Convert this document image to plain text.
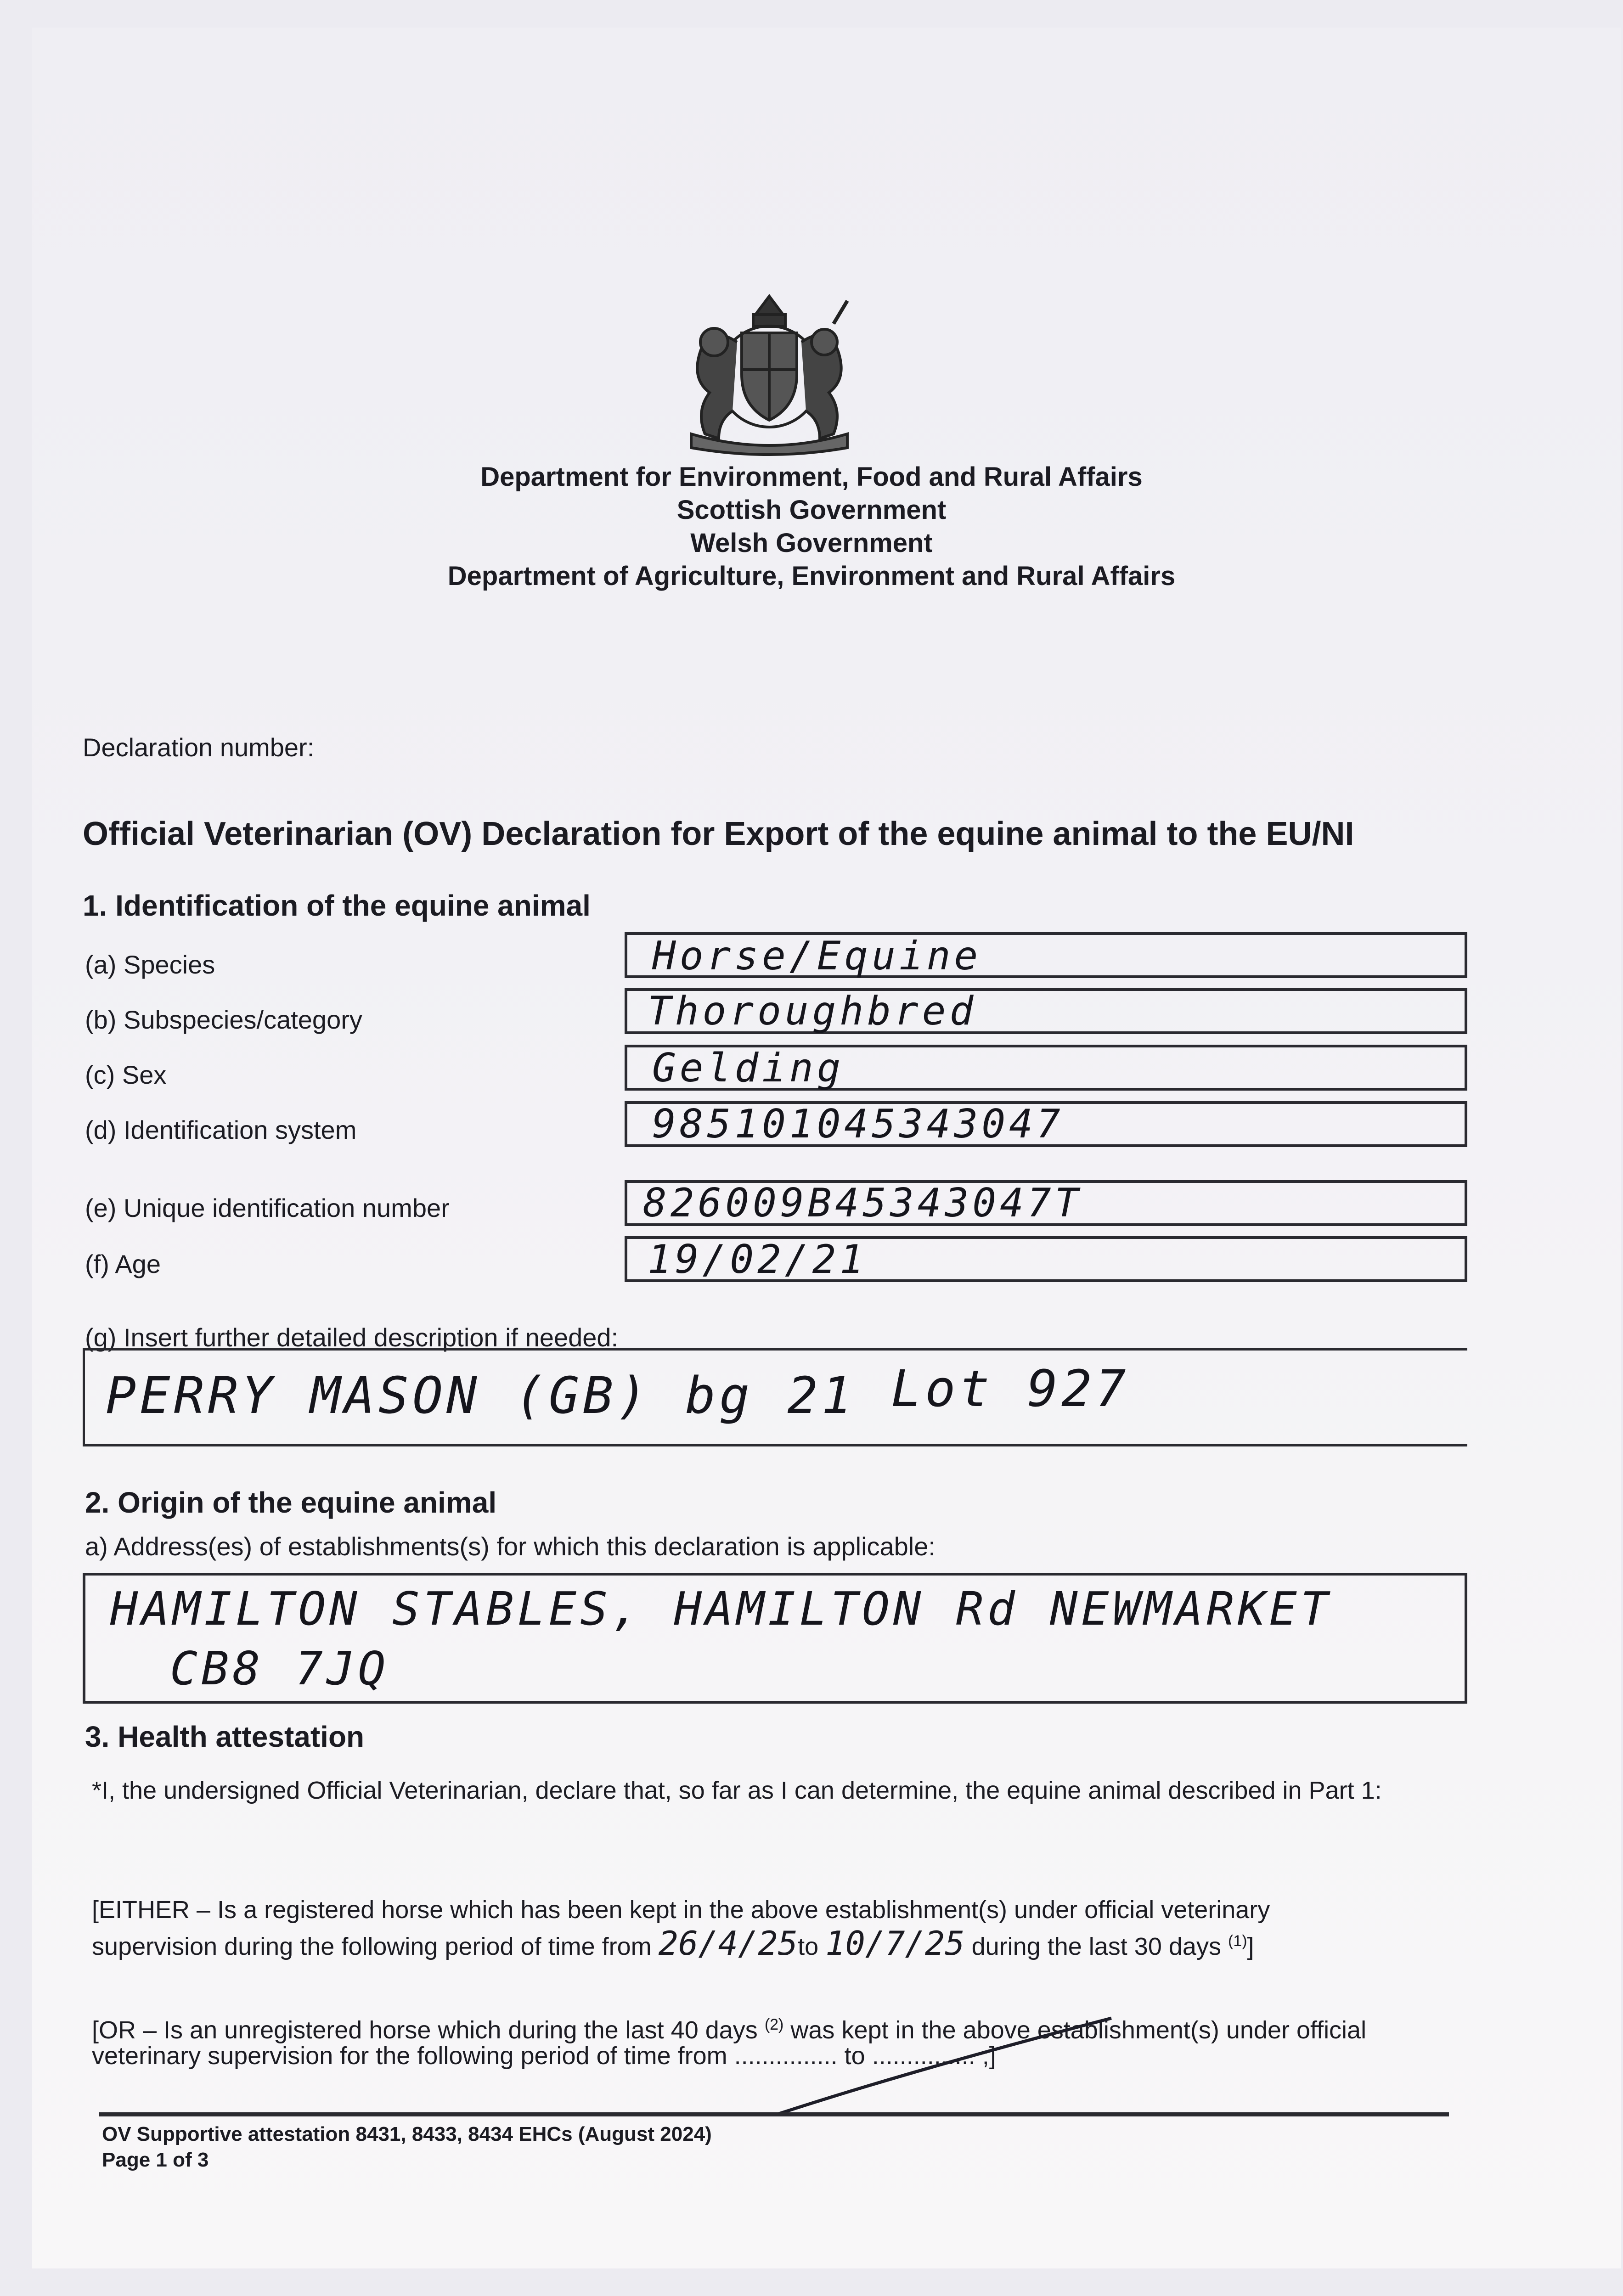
Department for Environment, Food and Rural Affairs
Scottish Government
Welsh Government
Department of Agriculture, Environment and Rural Affairs
Declaration number:
Official Veterinarian (OV) Declaration for Export of the equine animal to the EU/NI
1. Identification of the equine animal
(a) Species	Horse/Equine
(b) Subspecies/category	Thoroughbred
(c) Sex	Gelding
(d) Identification system	985101045343047
(e) Unique identification number	826009B45343047T
(f) Age	19/02/21
(g) Insert further detailed description if needed:
PERRY MASON (GB) bg 21 Lot 927
2. Origin of the equine animal
a) Address(es) of establishments(s) for which this declaration is applicable:
HAMILTON STABLES, HAMILTON Rd NEWMARKET
CB8 7JQ
3. Health attestation
*I, the undersigned Official Veterinarian, declare that, so far as I can determine, the equine animal described in Part 1:
[EITHER – Is a registered horse which has been kept in the above establishment(s) under official veterinary
supervision during the following period of time from 26/4/25to 10/7/25 during the last 30 days $^{(1)}$]
[OR – Is an unregistered horse which during the last 40 days $^{(2)}$ was kept in the above establishment(s) under official
veterinary supervision for the following period of time from ............... to ............... ;]
OV Supportive attestation 8431, 8433, 8434 EHCs (August 2024)
Page 1 of 3
